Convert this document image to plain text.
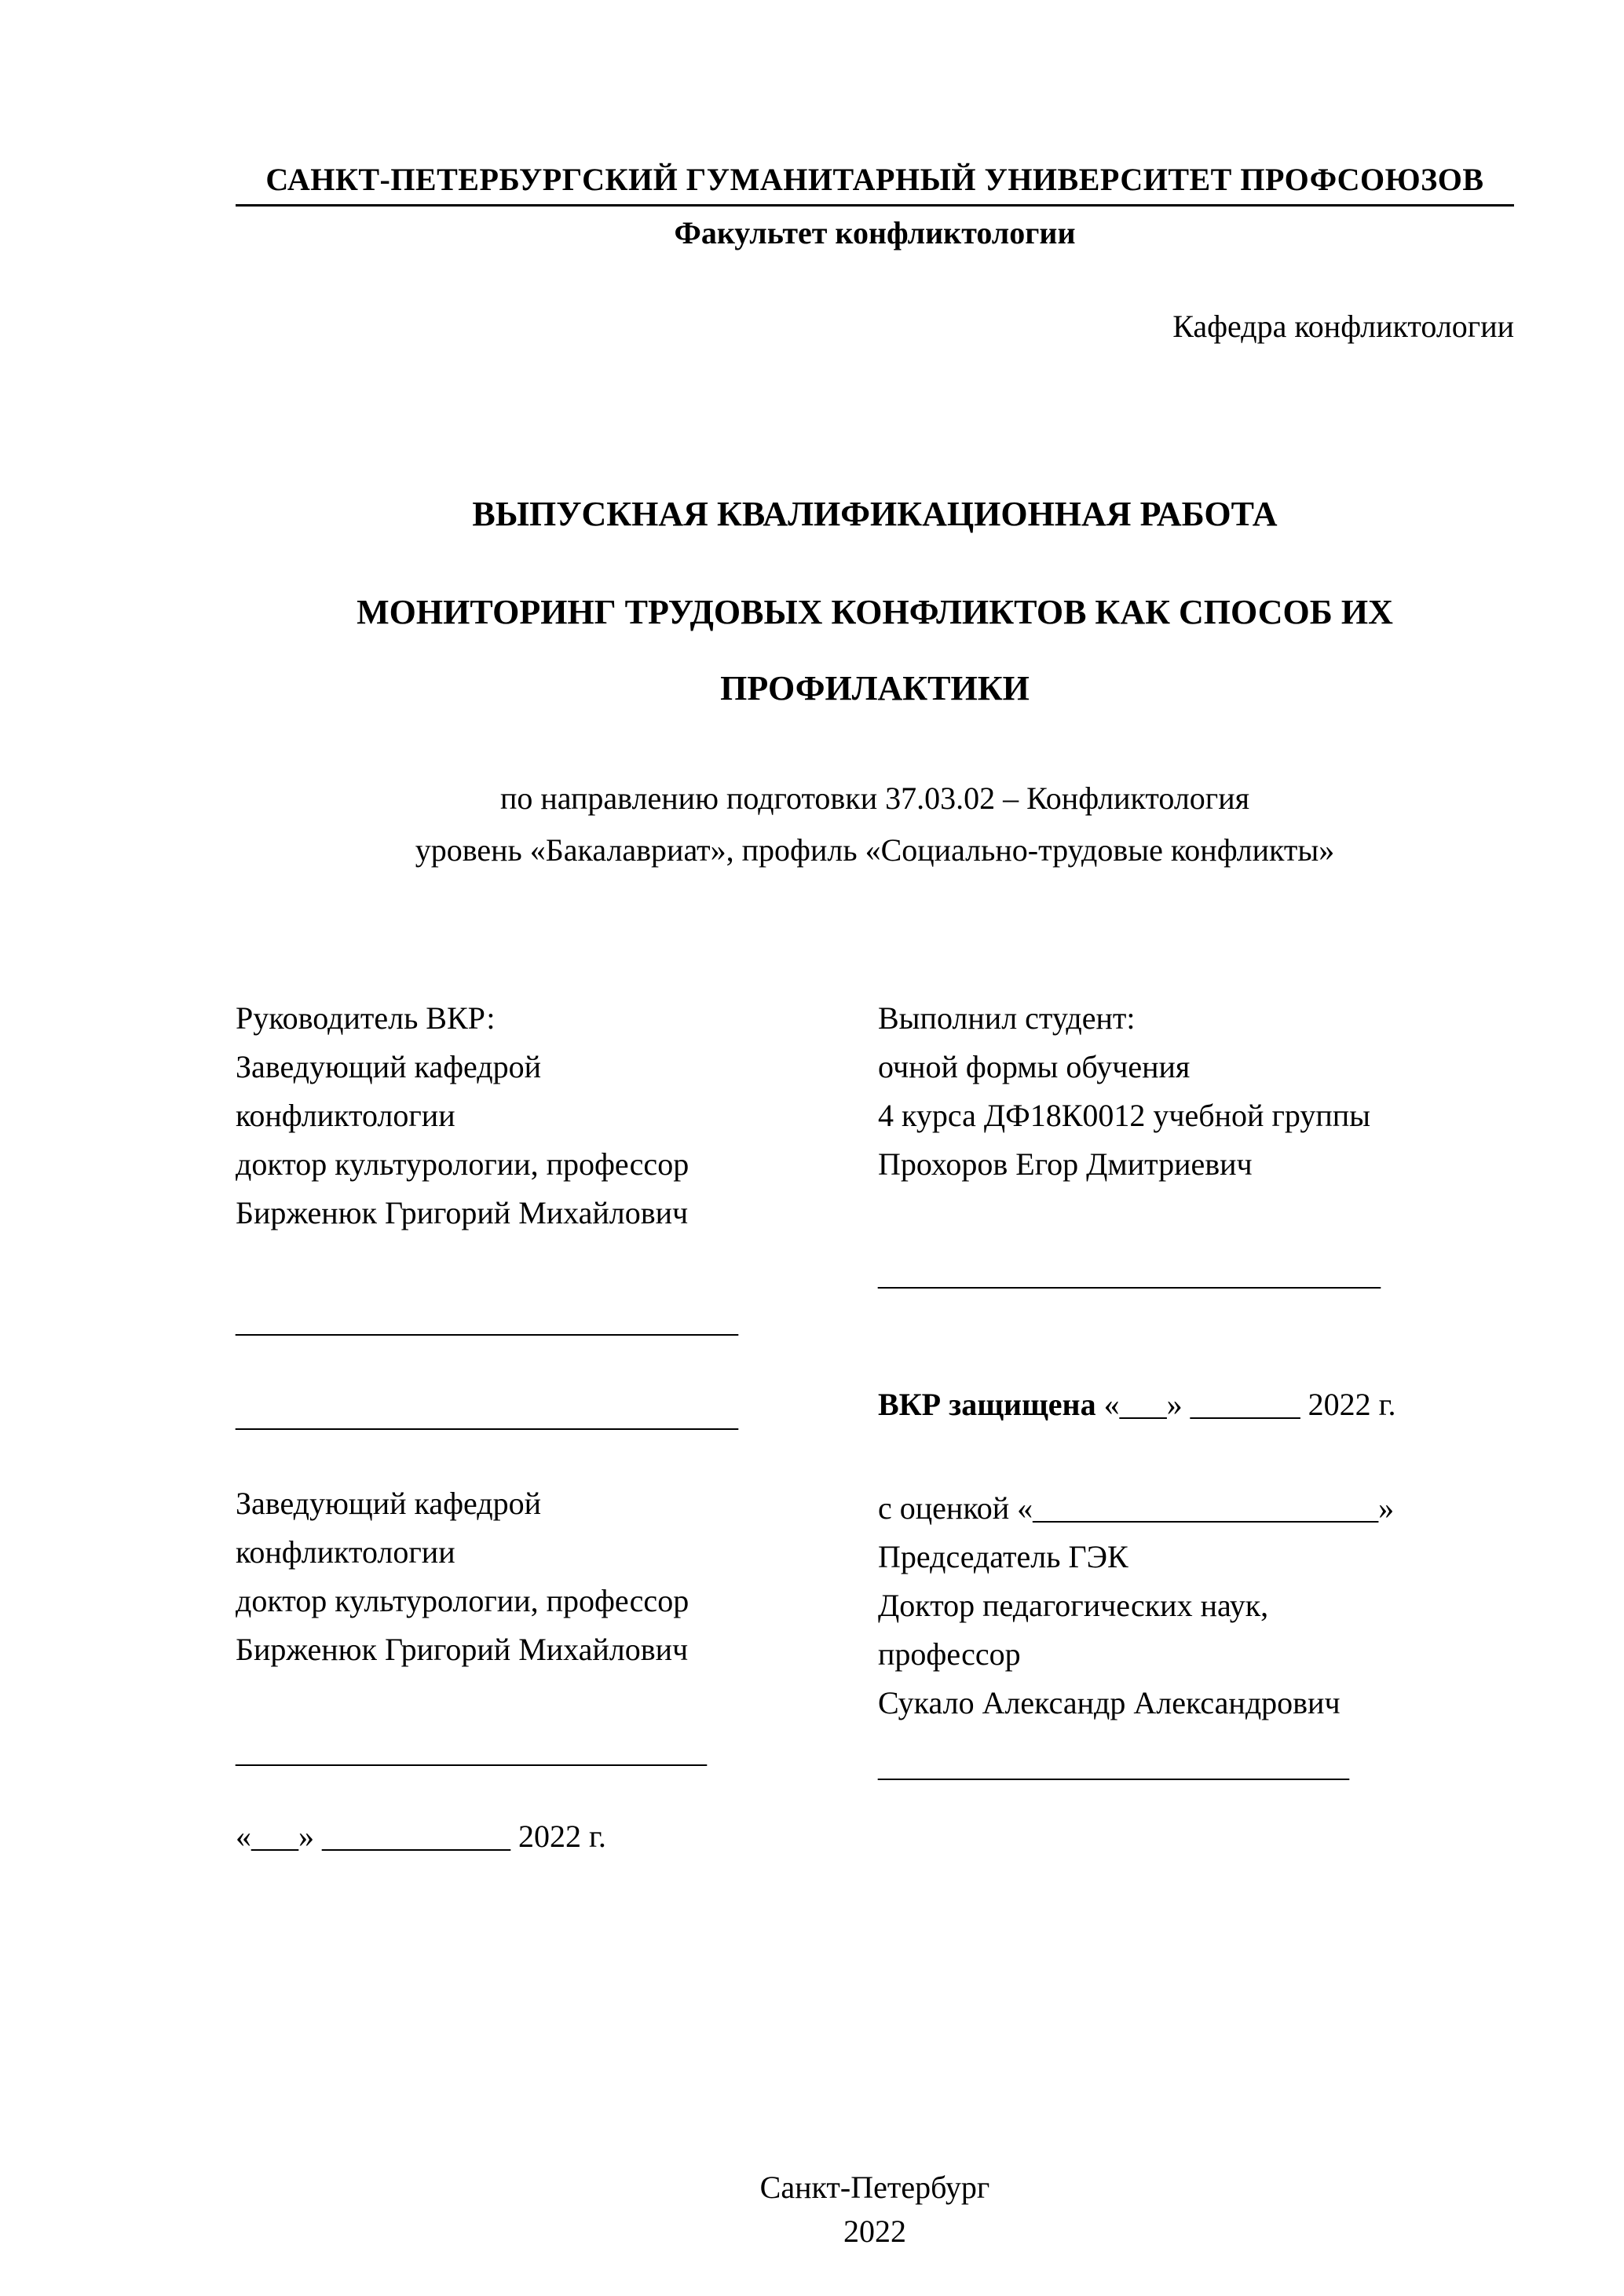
САНКТ-ПЕТЕРБУРГСКИЙ ГУМАНИТАРНЫЙ УНИВЕРСИТЕТ ПРОФСОЮЗОВ
Факультет конфликтологии
Кафедра конфликтологии
ВЫПУСКНАЯ КВАЛИФИКАЦИОННАЯ РАБОТА
МОНИТОРИНГ ТРУДОВЫХ КОНФЛИКТОВ КАК СПОСОБ ИХ
ПРОФИЛАКТИКИ
по направлению подготовки 37.03.02 – Конфликтология
уровень «Бакалавриат», профиль «Социально-трудовые конфликты»
Руководитель ВКР:
Заведующий кафедрой
конфликтологии
доктор культурологии, профессор
Бирженюк Григорий Михайлович
________________________________
________________________________
Заведующий кафедрой
конфликтологии
доктор культурологии, профессор
Бирженюк Григорий Михайлович
______________________________
«___» ____________ 2022 г.
Выполнил студент:
очной формы обучения
4 курса ДФ18К0012 учебной группы
Прохоров Егор Дмитриевич
________________________________
ВКР защищена «___» _______ 2022 г.
с оценкой «______________________»
Председатель ГЭК
Доктор педагогических наук,
профессор
Сукало Александр Александрович
______________________________
Санкт-Петербург
2022
